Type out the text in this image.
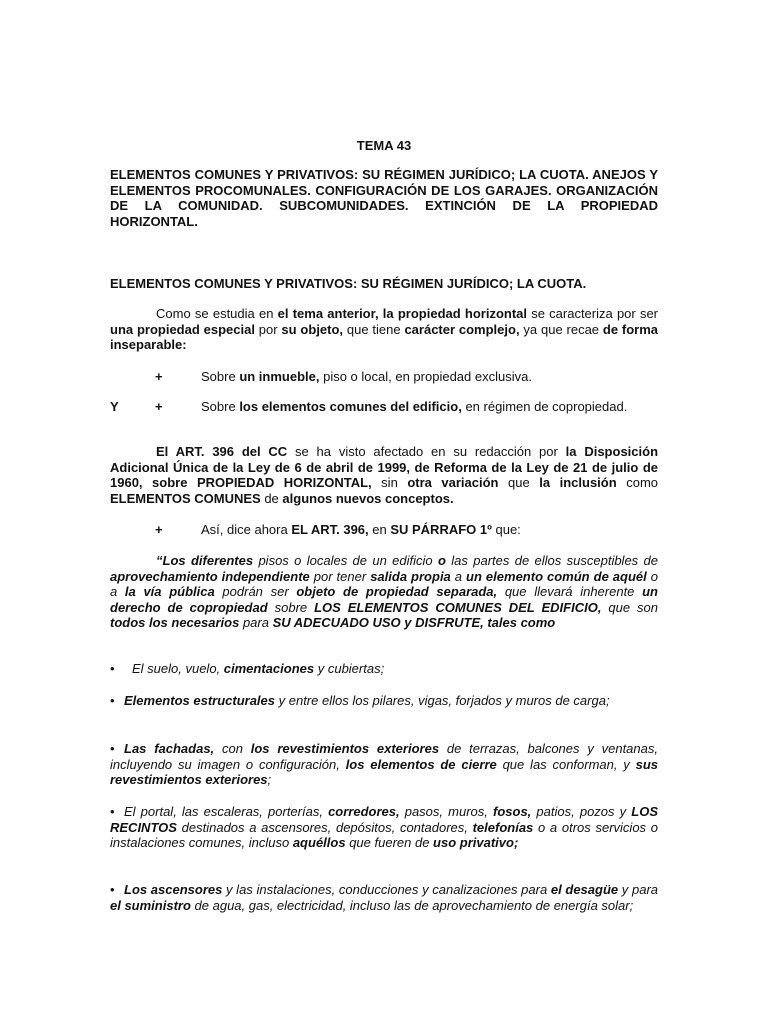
TEMA 43
ELEMENTOS COMUNES Y PRIVATIVOS: SU RÉGIMEN JURÍDICO; LA CUOTA. ANEJOS Y ELEMENTOS PROCOMUNALES. CONFIGURACIÓN DE LOS GARAJES. ORGANIZACIÓN DE LA COMUNIDAD. SUBCOMUNIDADES. EXTINCIÓN DE LA PROPIEDAD HORIZONTAL.
ELEMENTOS COMUNES Y PRIVATIVOS: SU RÉGIMEN JURÍDICO; LA CUOTA.
Como se estudia en el tema anterior, la propiedad horizontal se caracteriza por ser una propiedad especial por su objeto, que tiene carácter complejo, ya que recae de forma inseparable:
+	Sobre un inmueble, piso o local, en propiedad exclusiva.
Y	+	Sobre los elementos comunes del edificio, en régimen de copropiedad.
El ART. 396 del CC se ha visto afectado en su redacción por la Disposición Adicional Única de la Ley de 6 de abril de 1999, de Reforma de la Ley de 21 de julio de 1960, sobre PROPIEDAD HORIZONTAL, sin otra variación que la inclusión como ELEMENTOS COMUNES de algunos nuevos conceptos.
+	Así, dice ahora EL ART. 396, en SU PÁRRAFO 1º que:
“Los diferentes pisos o locales de un edificio o las partes de ellos susceptibles de aprovechamiento independiente por tener salida propia a un elemento común de aquél o a la vía pública podrán ser objeto de propiedad separada, que llevará inherente un derecho de copropiedad sobre LOS ELEMENTOS COMUNES DEL EDIFICIO, que son todos los necesarios para SU ADECUADO USO y DISFRUTE, tales como
• El suelo, vuelo, cimentaciones y cubiertas;
• Elementos estructurales y entre ellos los pilares, vigas, forjados y muros de carga;
• Las fachadas, con los revestimientos exteriores de terrazas, balcones y ventanas, incluyendo su imagen o configuración, los elementos de cierre que las conforman, y sus revestimientos exteriores;
• El portal, las escaleras, porterías, corredores, pasos, muros, fosos, patios, pozos y LOS RECINTOS destinados a ascensores, depósitos, contadores, telefonías o a otros servicios o instalaciones comunes, incluso aquéllos que fueren de uso privativo;
• Los ascensores y las instalaciones, conducciones y canalizaciones para el desagüe y para el suministro de agua, gas, electricidad, incluso las de aprovechamiento de energía solar;
